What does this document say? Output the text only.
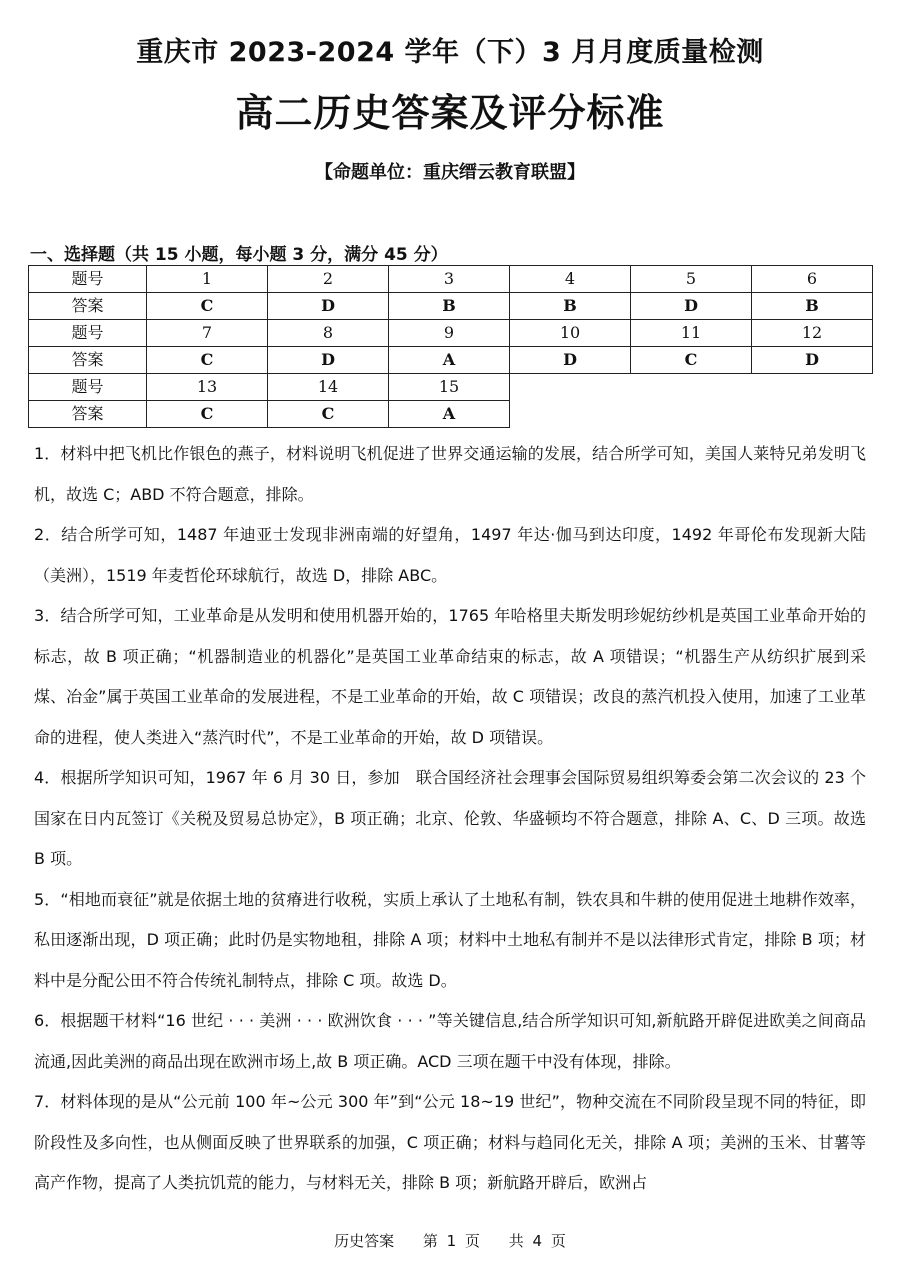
重庆市 2023-2024 学年（下）3 月月度质量检测
高二历史答案及评分标准
【命题单位：重庆缙云教育联盟】
一、选择题（共 15 小题，每小题 3 分，满分 45 分）
题号	1	2	3	4	5	6
答案	C	D	B	B	D	B
题号	7	8	9	10	11	12
答案	C	D	A	D	C	D
题号	13	14	15			
答案	C	C	A			

1．材料中把飞机比作银色的燕子，材料说明飞机促进了世界交通运输的发展，结合所学可知，美国人莱特兄弟发明飞机，故选 C；ABD 不符合题意，排除。

2．结合所学可知，1487 年迪亚士发现非洲南端的好望角，1497 年达·伽马到达印度，1492 年哥伦布发现新大陆（美洲），1519 年麦哲伦环球航行，故选 D，排除 ABC。

3．结合所学可知，工业革命是从发明和使用机器开始的，1765 年哈格里夫斯发明珍妮纺纱机是英国工业革命开始的标志，故 B 项正确；“机器制造业的机器化”是英国工业革命结束的标志，故 A 项错误；“机器生产从纺织扩展到采煤、冶金”属于英国工业革命的发展进程，不是工业革命的开始，故 C 项错误；改良的蒸汽机投入使用，加速了工业革命的进程，使人类进入“蒸汽时代”，不是工业革命的开始，故 D 项错误。

4．根据所学知识可知，1967 年 6 月 30 日，参加　联合国经济社会理事会国际贸易组织筹委会第二次会议的 23 个国家在日内瓦签订《关税及贸易总协定》，B 项正确；北京、伦敦、华盛顿均不符合题意，排除 A、C、D 三项。故选 B 项。

5．“相地而衰征”就是依据土地的贫瘠进行收税，实质上承认了土地私有制，铁农具和牛耕的使用促进土地耕作效率，私田逐渐出现，D 项正确；此时仍是实物地租，排除 A 项；材料中土地私有制并不是以法律形式肯定，排除 B 项；材料中是分配公田不符合传统礼制特点，排除 C 项。故选 D。

6．根据题干材料“16 世纪 · · · 美洲 · · · 欧洲饮食 · · · ”等关键信息,结合所学知识可知,新航路开辟促进欧美之间商品流通,因此美洲的商品出现在欧洲市场上,故 B 项正确。ACD 三项在题干中没有体现，排除。

7．材料体现的是从“公元前 100 年~公元 300 年”到“公元 18~19 世纪”，物种交流在不同阶段呈现不同的特征，即阶段性及多向性，也从侧面反映了世界联系的加强，C 项正确；材料与趋同化无关，排除 A 项；美洲的玉米、甘薯等高产作物，提高了人类抗饥荒的能力，与材料无关，排除 B 项；新航路开辟后，欧洲占

历史答案 第 1 页 共 4 页
